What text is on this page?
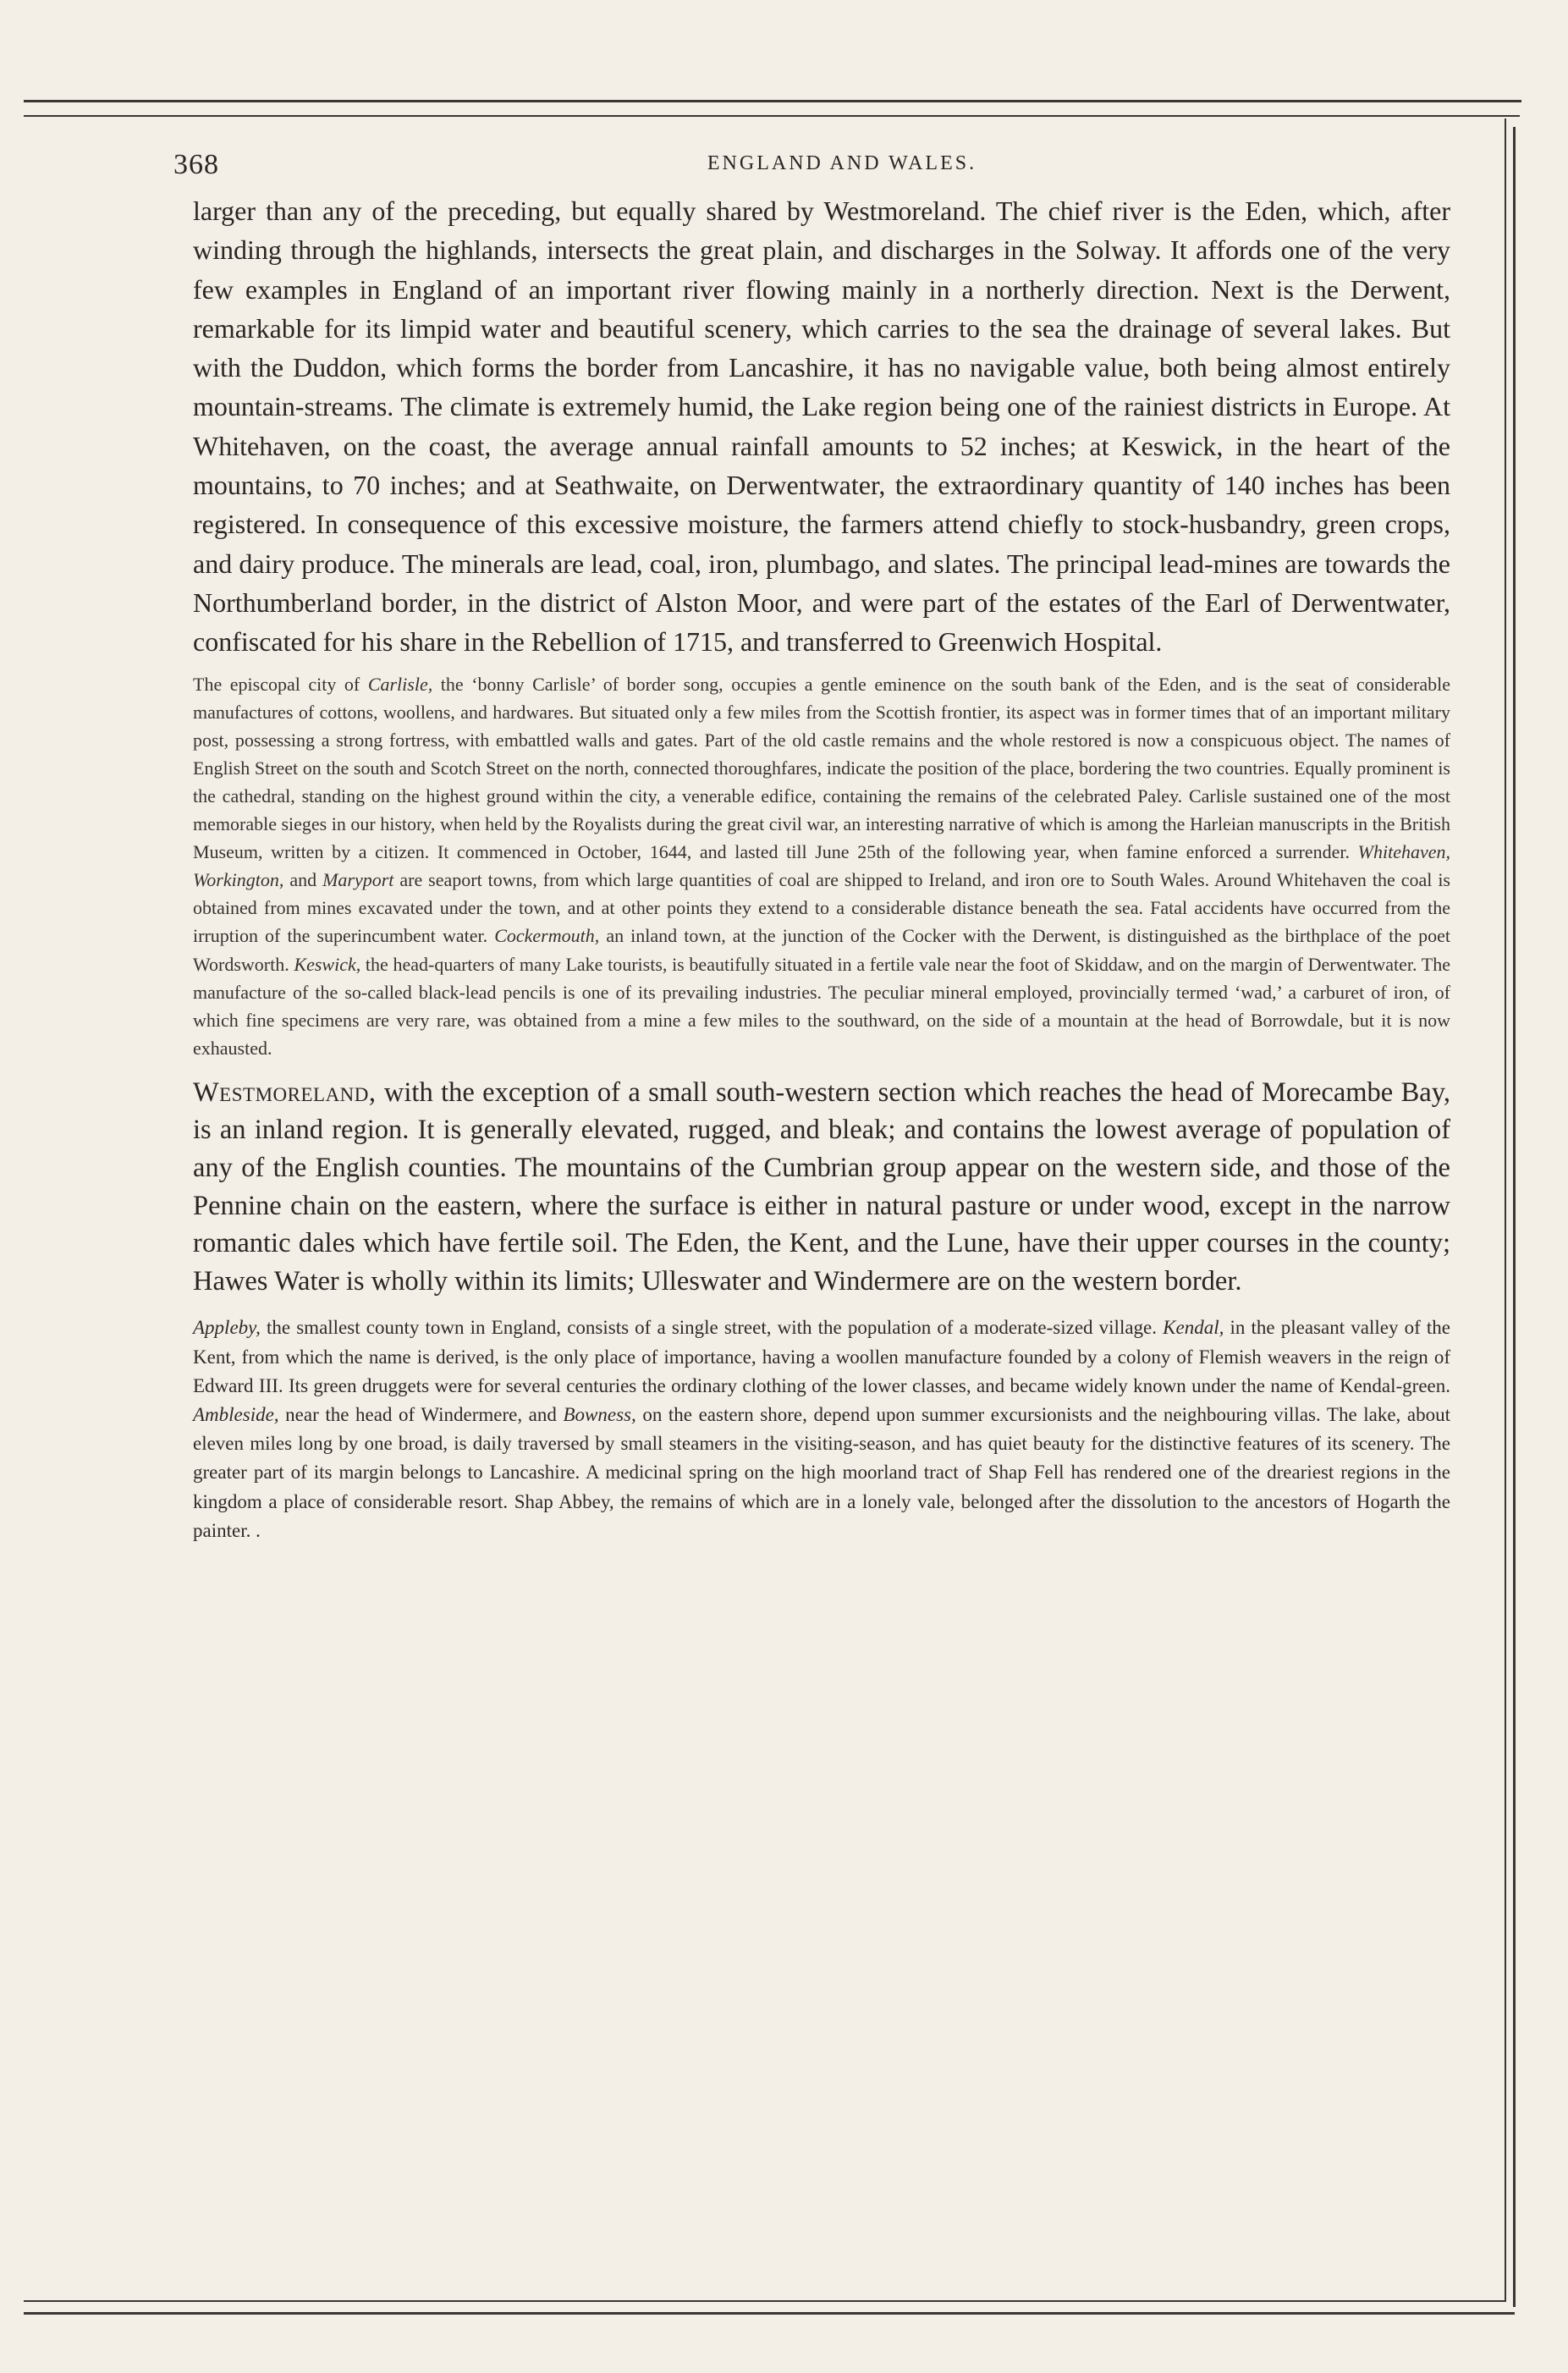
368	ENGLAND AND WALES.

larger than any of the preceding, but equally shared by Westmoreland. The chief river is the Eden, which, after winding through the highlands, intersects the great plain, and discharges in the Solway. It affords one of the very few examples in England of an important river flowing mainly in a northerly direction. Next is the Derwent, remarkable for its limpid water and beautiful scenery, which carries to the sea the drainage of several lakes. But with the Duddon, which forms the border from Lancashire, it has no navigable value, both being almost entirely mountain-streams. The climate is extremely humid, the Lake region being one of the rainiest districts in Europe. At Whitehaven, on the coast, the average annual rainfall amounts to 52 inches; at Keswick, in the heart of the mountains, to 70 inches; and at Seathwaite, on Derwentwater, the extraordinary quantity of 140 inches has been registered. In consequence of this excessive moisture, the farmers attend chiefly to stock-husbandry, green crops, and dairy produce. The minerals are lead, coal, iron, plumbago, and slates. The principal lead-mines are towards the Northumberland border, in the district of Alston Moor, and were part of the estates of the Earl of Derwentwater, confiscated for his share in the Rebellion of 1715, and transferred to Greenwich Hospital.

The episcopal city of Carlisle, the ‘bonny Carlisle’ of border song, occupies a gentle eminence on the south bank of the Eden, and is the seat of considerable manufactures of cottons, woollens, and hardwares. But situated only a few miles from the Scottish frontier, its aspect was in former times that of an important military post, possessing a strong fortress, with embattled walls and gates. Part of the old castle remains and the whole restored is now a conspicuous object. The names of English Street on the south and Scotch Street on the north, connected thoroughfares, indicate the position of the place, bordering the two countries. Equally prominent is the cathedral, standing on the highest ground within the city, a venerable edifice, containing the remains of the celebrated Paley. Carlisle sustained one of the most memorable sieges in our history, when held by the Royalists during the great civil war, an interesting narrative of which is among the Harleian manuscripts in the British Museum, written by a citizen. It commenced in October, 1644, and lasted till June 25th of the following year, when famine enforced a surrender. Whitehaven, Workington, and Maryport are seaport towns, from which large quantities of coal are shipped to Ireland, and iron ore to South Wales. Around Whitehaven the coal is obtained from mines excavated under the town, and at other points they extend to a considerable distance beneath the sea. Fatal accidents have occurred from the irruption of the superincumbent water. Cockermouth, an inland town, at the junction of the Cocker with the Derwent, is distinguished as the birthplace of the poet Wordsworth. Keswick, the head-quarters of many Lake tourists, is beautifully situated in a fertile vale near the foot of Skiddaw, and on the margin of Derwentwater. The manufacture of the so-called black-lead pencils is one of its prevailing industries. The peculiar mineral employed, provincially termed ‘wad,’ a carburet of iron, of which fine specimens are very rare, was obtained from a mine a few miles to the southward, on the side of a mountain at the head of Borrowdale, but it is now exhausted.

Westmoreland, with the exception of a small south-western section which reaches the head of Morecambe Bay, is an inland region. It is generally elevated, rugged, and bleak; and contains the lowest average of population of any of the English counties. The mountains of the Cumbrian group appear on the western side, and those of the Pennine chain on the eastern, where the surface is either in natural pasture or under wood, except in the narrow romantic dales which have fertile soil. The Eden, the Kent, and the Lune, have their upper courses in the county; Hawes Water is wholly within its limits; Ulleswater and Windermere are on the western border.

Appleby, the smallest county town in England, consists of a single street, with the population of a moderate-sized village. Kendal, in the pleasant valley of the Kent, from which the name is derived, is the only place of importance, having a woollen manufacture founded by a colony of Flemish weavers in the reign of Edward III. Its green druggets were for several centuries the ordinary clothing of the lower classes, and became widely known under the name of Kendal-green. Ambleside, near the head of Windermere, and Bowness, on the eastern shore, depend upon summer excursionists and the neighbouring villas. The lake, about eleven miles long by one broad, is daily traversed by small steamers in the visiting-season, and has quiet beauty for the distinctive features of its scenery. The greater part of its margin belongs to Lancashire. A medicinal spring on the high moorland tract of Shap Fell has rendered one of the dreariest regions in the kingdom a place of considerable resort. Shap Abbey, the remains of which are in a lonely vale, belonged after the dissolution to the ancestors of Hogarth the painter. .
